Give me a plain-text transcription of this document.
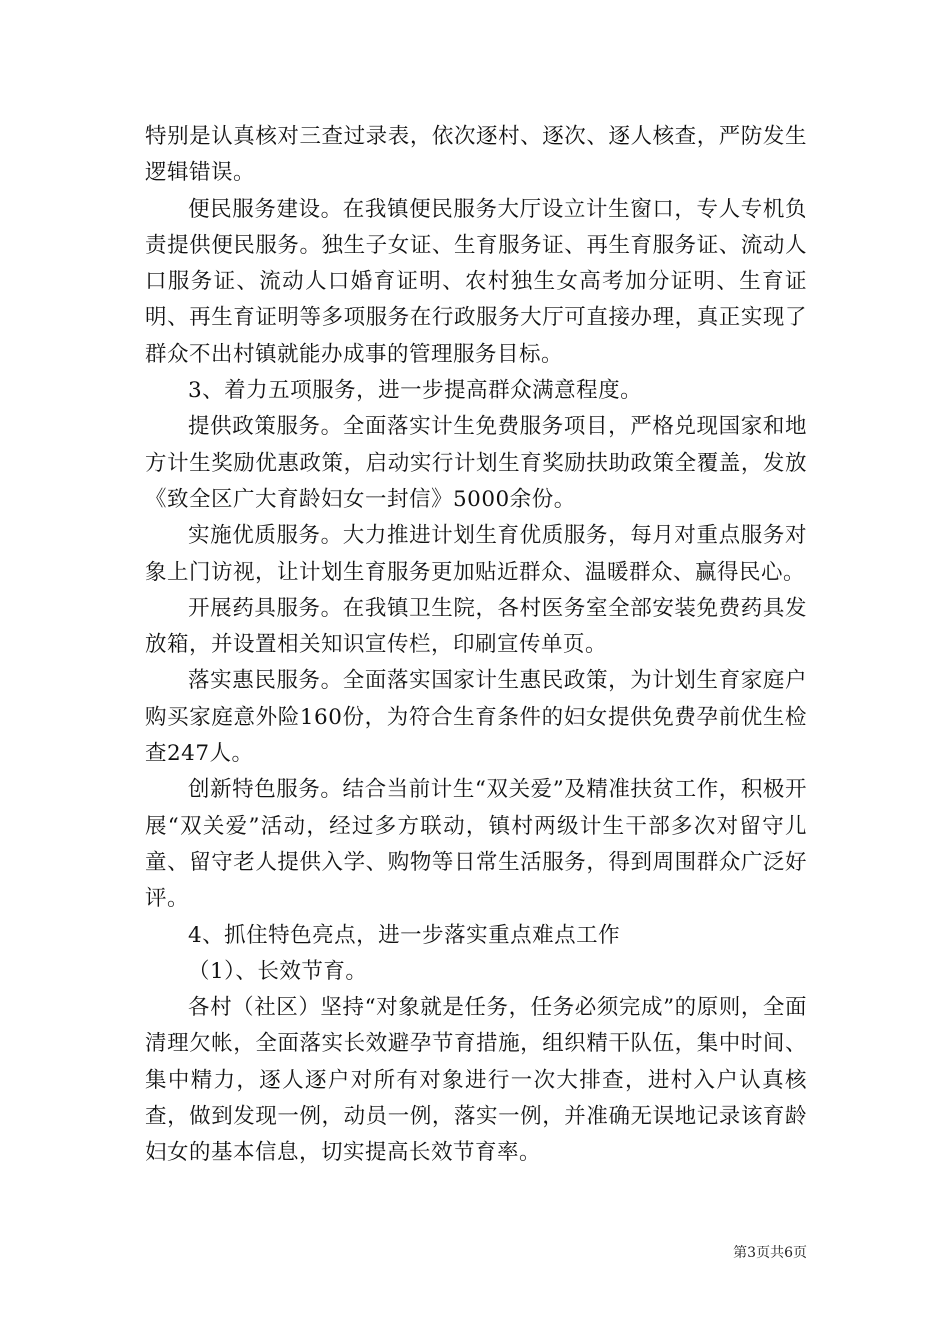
特别是认真核对三查过录表，依次逐村、逐次、逐人核查，严防发生逻辑错误。

便民服务建设。在我镇便民服务大厅设立计生窗口，专人专机负责提供便民服务。独生子女证、生育服务证、再生育服务证、流动人口服务证、流动人口婚育证明、农村独生女高考加分证明、生育证明、再生育证明等多项服务在行政服务大厅可直接办理，真正实现了群众不出村镇就能办成事的管理服务目标。

3、着力五项服务，进一步提高群众满意程度。

提供政策服务。全面落实计生免费服务项目，严格兑现国家和地方计生奖励优惠政策，启动实行计划生育奖励扶助政策全覆盖，发放《致全区广大育龄妇女一封信》5000余份。

实施优质服务。大力推进计划生育优质服务，每月对重点服务对象上门访视，让计划生育服务更加贴近群众、温暖群众、赢得民心。

开展药具服务。在我镇卫生院，各村医务室全部安装免费药具发放箱，并设置相关知识宣传栏，印刷宣传单页。

落实惠民服务。全面落实国家计生惠民政策，为计划生育家庭户购买家庭意外险160份，为符合生育条件的妇女提供免费孕前优生检查247人。

创新特色服务。结合当前计生“双关爱”及精准扶贫工作，积极开展“双关爱”活动，经过多方联动，镇村两级计生干部多次对留守儿童、留守老人提供入学、购物等日常生活服务，得到周围群众广泛好评。

4、抓住特色亮点，进一步落实重点难点工作

（1）、长效节育。

各村（社区）坚持“对象就是任务，任务必须完成”的原则，全面清理欠帐，全面落实长效避孕节育措施，组织精干队伍，集中时间、集中精力，逐人逐户对所有对象进行一次大排查，进村入户认真核查，做到发现一例，动员一例，落实一例，并准确无误地记录该育龄妇女的基本信息，切实提高长效节育率。

第3页共6页
